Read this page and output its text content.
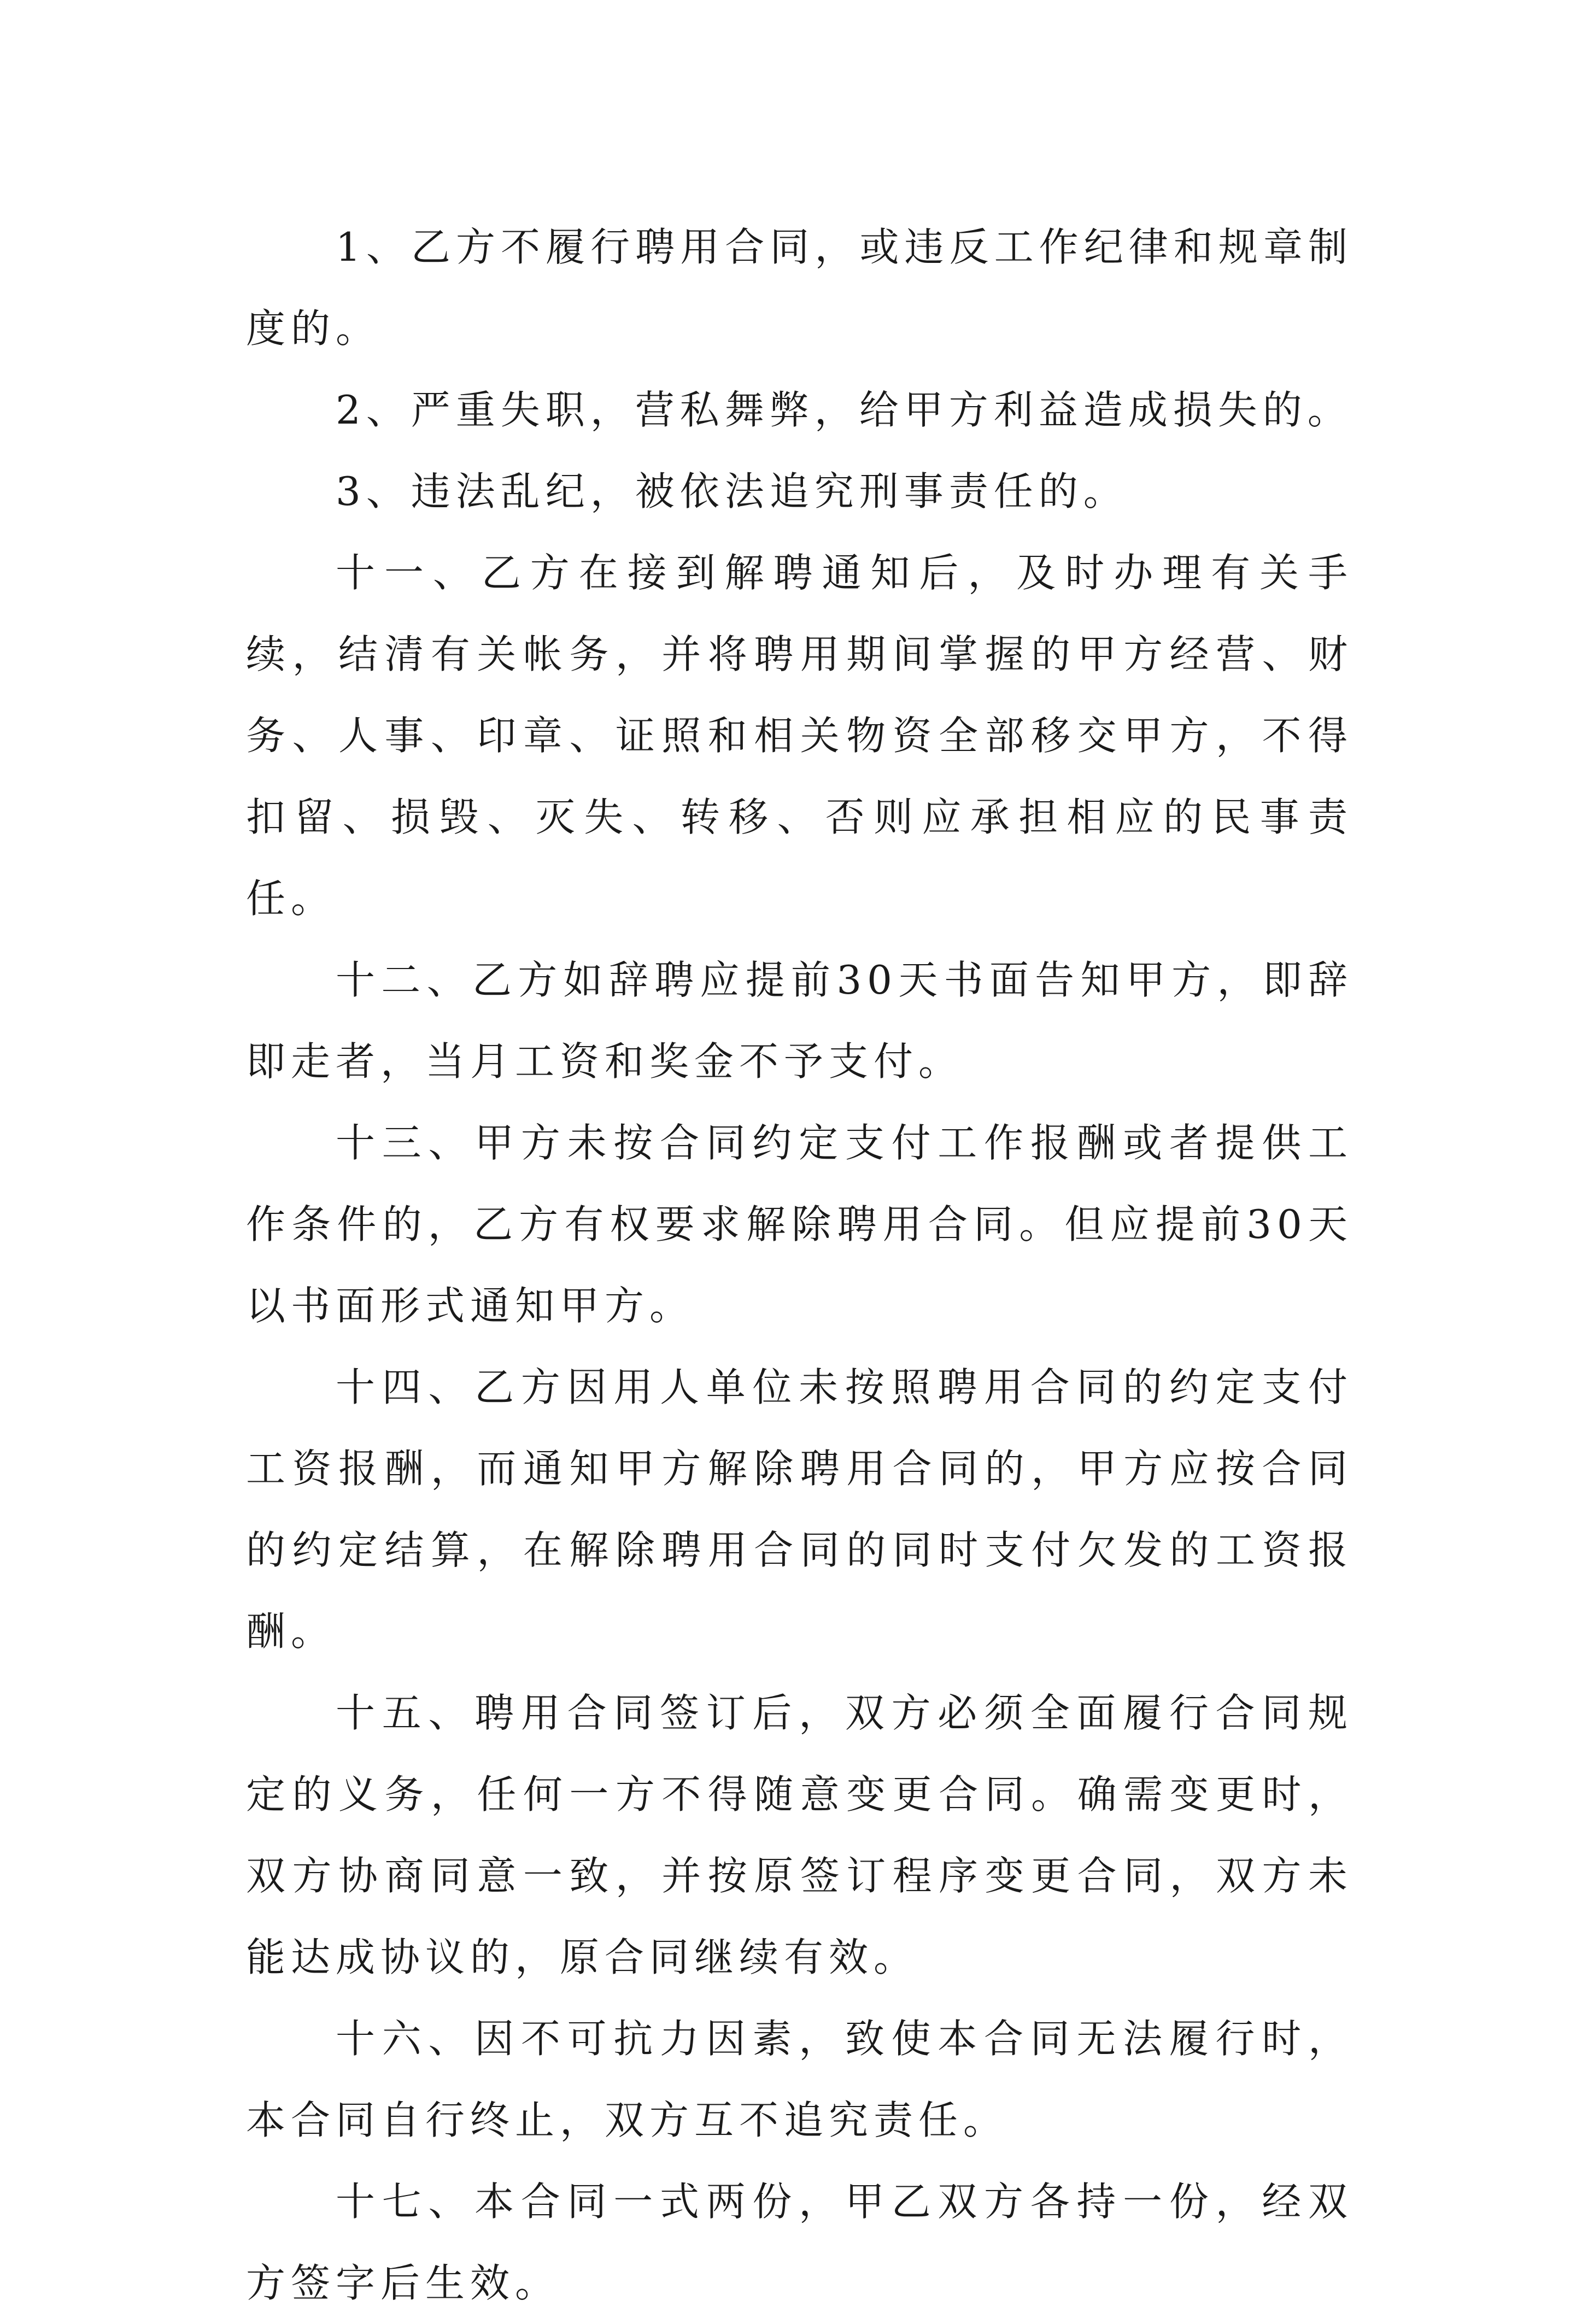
1、乙方不履行聘用合同，或违反工作纪律和规章制度的。

2、严重失职，营私舞弊，给甲方利益造成损失的。

3、违法乱纪，被依法追究刑事责任的。

十一、乙方在接到解聘通知后，及时办理有关手续，结清有关帐务，并将聘用期间掌握的甲方经营、财务、人事、印章、证照和相关物资全部移交甲方，不得扣留、损毁、灭失、转移、否则应承担相应的民事责任。

十二、乙方如辞聘应提前30天书面告知甲方，即辞即走者，当月工资和奖金不予支付。

十三、甲方未按合同约定支付工作报酬或者提供工作条件的，乙方有权要求解除聘用合同。但应提前30天以书面形式通知甲方。

十四、乙方因用人单位未按照聘用合同的约定支付工资报酬，而通知甲方解除聘用合同的，甲方应按合同的约定结算，在解除聘用合同的同时支付欠发的工资报酬。

十五、聘用合同签订后，双方必须全面履行合同规定的义务，任何一方不得随意变更合同。确需变更时，双方协商同意一致，并按原签订程序变更合同，双方未能达成协议的，原合同继续有效。

十六、因不可抗力因素，致使本合同无法履行时，本合同自行终止，双方互不追究责任。

十七、本合同一式两份，甲乙双方各持一份，经双方签字后生效。
